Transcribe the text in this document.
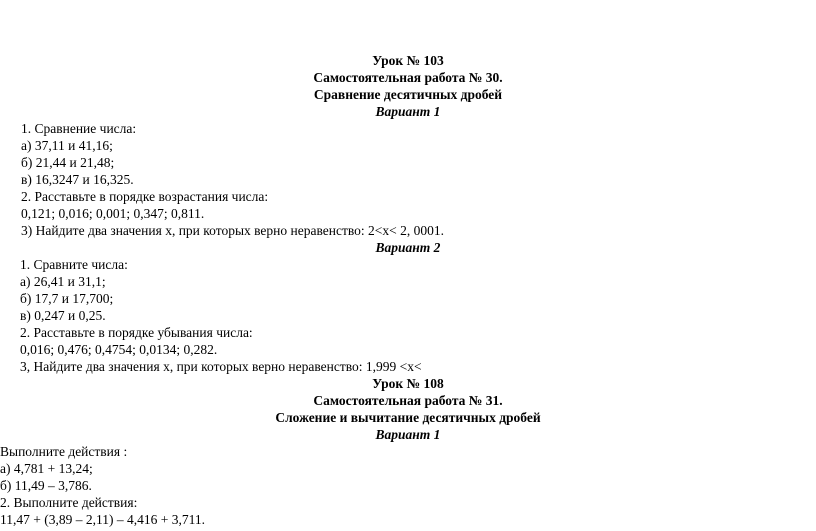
Урок № 103
Самостоятельная работа № 30.
Сравнение десятичных дробей
Вариант 1
1. Сравнение числа:
а) 37,11 и 41,16;
б) 21,44 и 21,48;
в) 16,3247 и 16,325.
2. Расставьте в порядке возрастания числа:
0,121; 0,016; 0,001; 0,347; 0,811.
3) Найдите два значения х, при которых верно неравенство: 2<х< 2, 0001.
Вариант 2
1. Сравните числа:
а) 26,41 и 31,1;
б) 17,7 и 17,700;
в) 0,247 и 0,25.
2. Расставьте в порядке убывания числа:
0,016; 0,476; 0,4754; 0,0134; 0,282.
3, Найдите два значения х, при которых верно неравенство: 1,999 <х<
Урок № 108
Самостоятельная работа № 31.
Сложение и вычитание десятичных дробей
Вариант 1
Выполните действия :
а) 4,781 + 13,24;
б) 11,49 – 3,786.
2. Выполните действия:
11,47 + (3,89 – 2,11) – 4,416 + 3,711.
